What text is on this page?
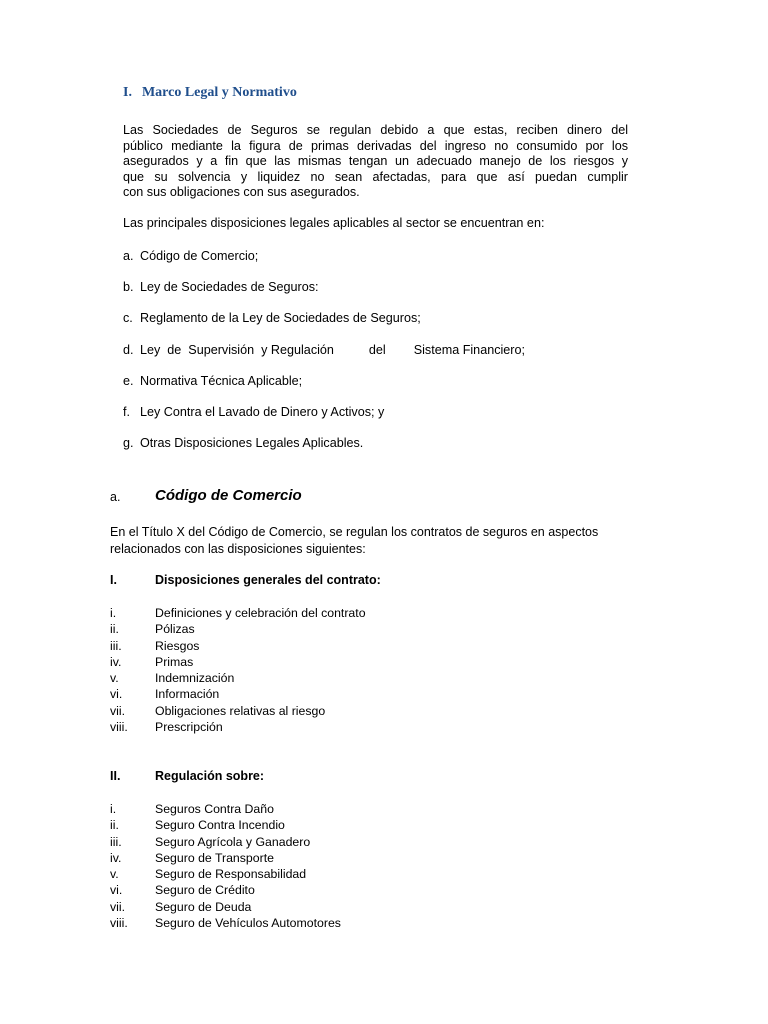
I. Marco Legal y Normativo
Las Sociedades de Seguros se regulan debido a que estas, reciben dinero del
público mediante la figura de primas derivadas del ingreso no consumido por los
asegurados y a fin que las mismas tengan un adecuado manejo de los riesgos y
que su solvencia y liquidez no sean afectadas, para que así puedan cumplir
con sus obligaciones con sus asegurados.
Las principales disposiciones legales aplicables al sector se encuentran en:
a. Código de Comercio;
b. Ley de Sociedades de Seguros:
c. Reglamento de la Ley de Sociedades de Seguros;
d. Ley  de  Supervisión  y Regulación          del        Sistema Financiero;
e. Normativa Técnica Aplicable;
f. Ley Contra el Lavado de Dinero y Activos; y
g. Otras Disposiciones Legales Aplicables.
a. Código de Comercio
En el Título X del Código de Comercio, se regulan los contratos de seguros en aspectos
relacionados con las disposiciones siguientes:
I.	Disposiciones generales del contrato:
i.	Definiciones y celebración del contrato
ii.	Pólizas
iii.	Riesgos
iv.	Primas
v.	Indemnización
vi.	Información
vii. Obligaciones relativas al riesgo
viii. Prescripción
II.	Regulación sobre:
i.	Seguros Contra Daño
ii.	Seguro Contra Incendio
iii.	Seguro Agrícola y Ganadero
iv.	Seguro de Transporte
v.	Seguro de Responsabilidad
vi.	Seguro de Crédito
vii. Seguro de Deuda
viii. Seguro de Vehículos Automotores
